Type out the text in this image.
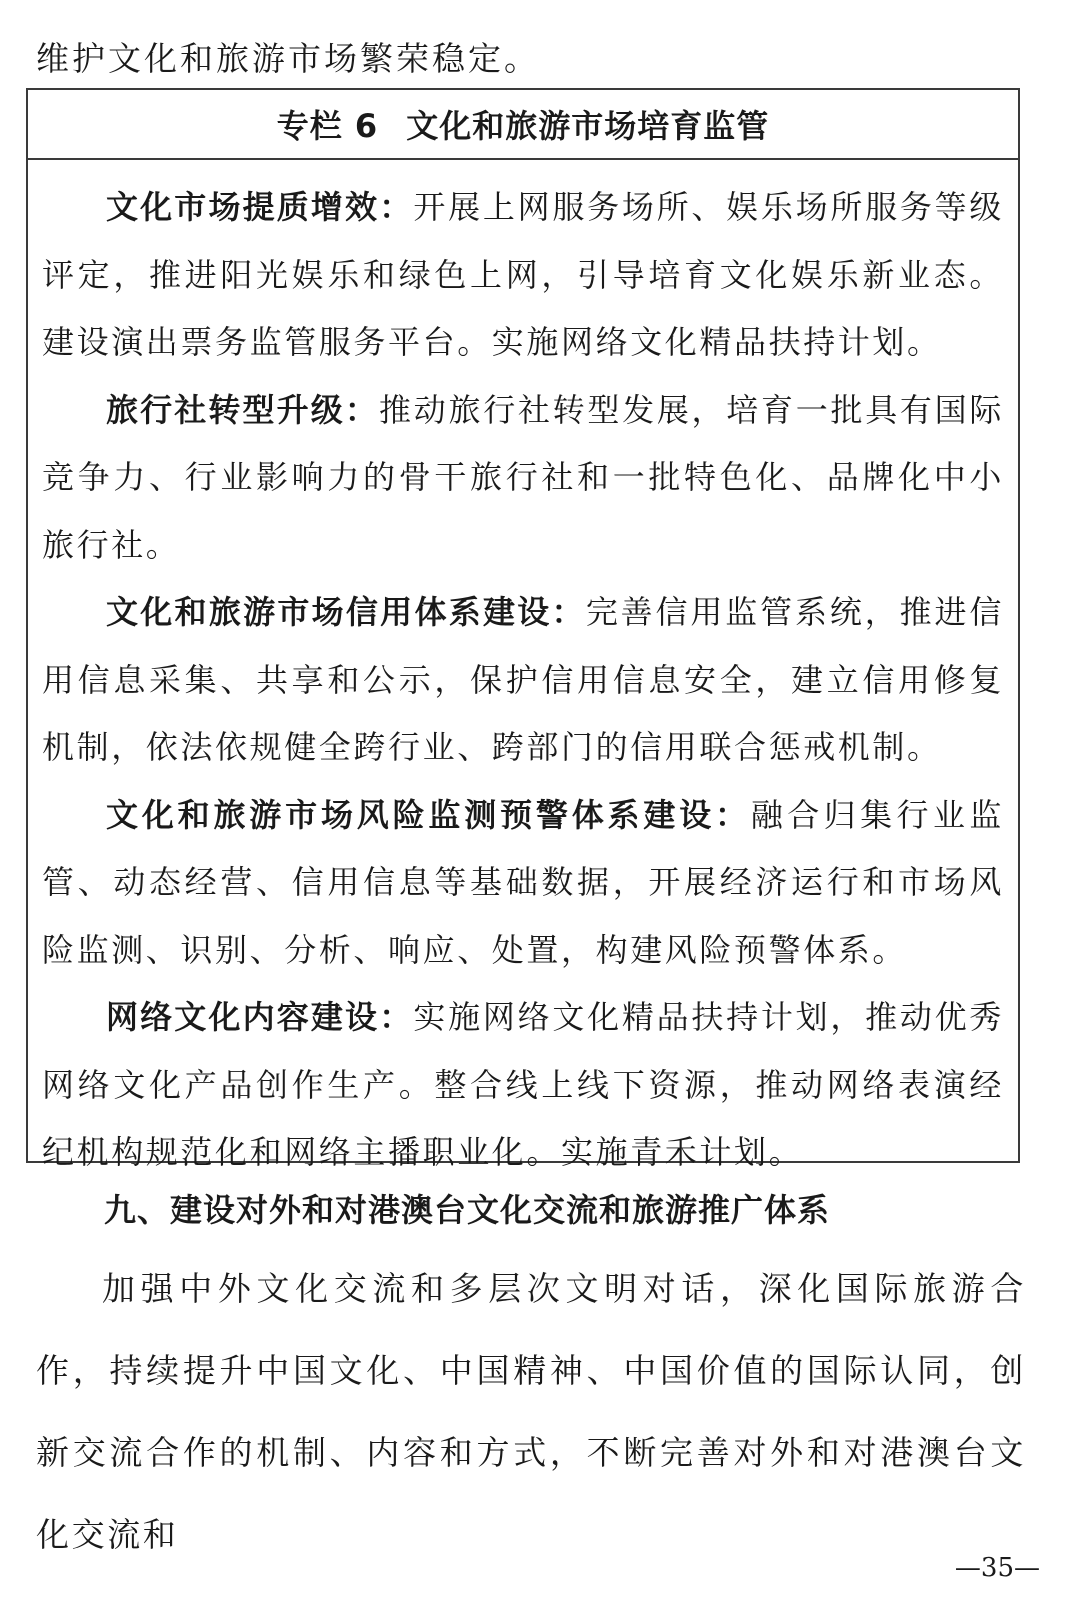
维护文化和旅游市场繁荣稳定。
专栏 6 文化和旅游市场培育监管

文化市场提质增效：开展上网服务场所、娱乐场所服务等级评定，推进阳光娱乐和绿色上网，引导培育文化娱乐新业态。建设演出票务监管服务平台。实施网络文化精品扶持计划。

旅行社转型升级：推动旅行社转型发展，培育一批具有国际竞争力、行业影响力的骨干旅行社和一批特色化、品牌化中小旅行社。

文化和旅游市场信用体系建设：完善信用监管系统，推进信用信息采集、共享和公示，保护信用信息安全，建立信用修复机制，依法依规健全跨行业、跨部门的信用联合惩戒机制。

文化和旅游市场风险监测预警体系建设：融合归集行业监管、动态经营、信用信息等基础数据，开展经济运行和市场风险监测、识别、分析、响应、处置，构建风险预警体系。

网络文化内容建设：实施网络文化精品扶持计划，推动优秀网络文化产品创作生产。整合线上线下资源，推动网络表演经纪机构规范化和网络主播职业化。实施青禾计划。

九、建设对外和对港澳台文化交流和旅游推广体系

加强中外文化交流和多层次文明对话，深化国际旅游合作，持续提升中国文化、中国精神、中国价值的国际认同，创新交流合作的机制、内容和方式，不断完善对外和对港澳台文化交流和

—35—
